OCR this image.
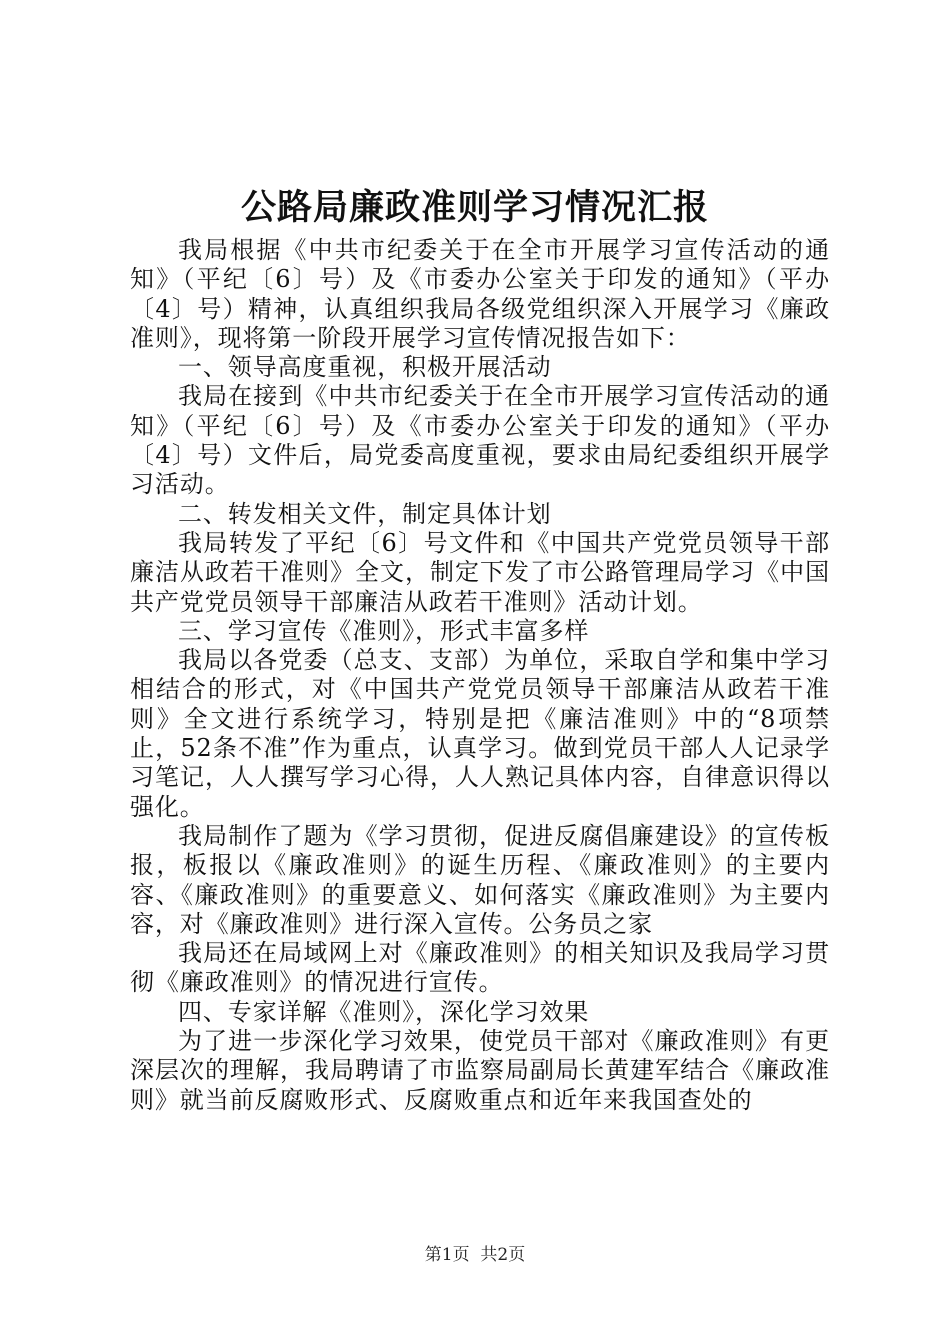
公路局廉政准则学习情况汇报

我局根据《中共市纪委关于在全市开展学习宣传活动的通知》（平纪〔6〕号）及《市委办公室关于印发的通知》（平办〔4〕号）精神，认真组织我局各级党组织深入开展学习《廉政准则》，现将第一阶段开展学习宣传情况报告如下：

一、领导高度重视，积极开展活动

我局在接到《中共市纪委关于在全市开展学习宣传活动的通知》（平纪〔6〕号）及《市委办公室关于印发的通知》（平办〔4〕号）文件后，局党委高度重视，要求由局纪委组织开展学习活动。

二、转发相关文件，制定具体计划

我局转发了平纪〔6〕号文件和《中国共产党党员领导干部廉洁从政若干准则》全文，制定下发了市公路管理局学习《中国共产党党员领导干部廉洁从政若干准则》活动计划。

三、学习宣传《准则》，形式丰富多样

我局以各党委（总支、支部）为单位，采取自学和集中学习相结合的形式，对《中国共产党党员领导干部廉洁从政若干准则》全文进行系统学习，特别是把《廉洁准则》中的“8项禁止，52条不准”作为重点，认真学习。做到党员干部人人记录学习笔记，人人撰写学习心得，人人熟记具体内容，自律意识得以强化。

我局制作了题为《学习贯彻，促进反腐倡廉建设》的宣传板报，板报以《廉政准则》的诞生历程、《廉政准则》的主要内容、《廉政准则》的重要意义、如何落实《廉政准则》为主要内容，对《廉政准则》进行深入宣传。公务员之家

我局还在局域网上对《廉政准则》的相关知识及我局学习贯彻《廉政准则》的情况进行宣传。

四、专家详解《准则》，深化学习效果

为了进一步深化学习效果，使党员干部对《廉政准则》有更深层次的理解，我局聘请了市监察局副局长黄建军结合《廉政准则》就当前反腐败形式、反腐败重点和近年来我国查处的

第1页  共2页
